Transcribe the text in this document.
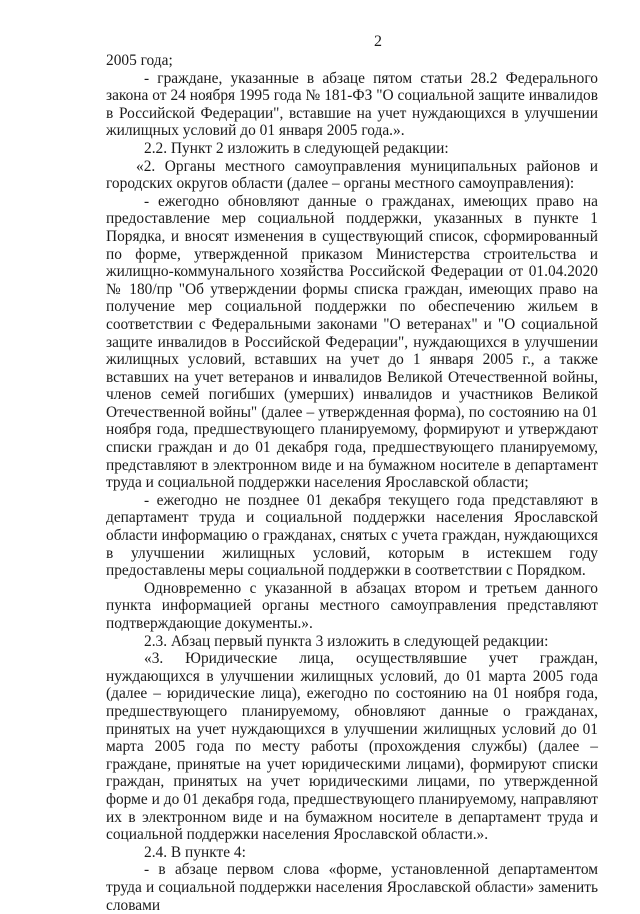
2

2005 года;

- граждане, указанные в абзаце пятом статьи 28.2 Федерального закона от 24 ноября 1995 года № 181-ФЗ "О социальной защите инвалидов в Российской Федерации", вставшие на учет нуждающихся в улучшении жилищных условий до 01 января 2005 года.».

2.2. Пункт 2 изложить в следующей редакции:

«2. Органы местного самоуправления муниципальных районов и городских округов области (далее – органы местного самоуправления):

- ежегодно обновляют данные о гражданах, имеющих право на предоставление мер социальной поддержки, указанных в пункте 1 Порядка, и вносят изменения в существующий список, сформированный по форме, утвержденной приказом Министерства строительства и жилищно-коммунального хозяйства Российской Федерации от 01.04.2020 № 180/пр "Об утверждении формы списка граждан, имеющих право на получение мер социальной поддержки по обеспечению жильем в соответствии с Федеральными законами "О ветеранах" и "О социальной защите инвалидов в Российской Федерации", нуждающихся в улучшении жилищных условий, вставших на учет до 1 января 2005 г., а также вставших на учет ветеранов и инвалидов Великой Отечественной войны, членов семей погибших (умерших) инвалидов и участников Великой Отечественной войны" (далее – утвержденная форма), по состоянию на 01 ноября года, предшествующего планируемому, формируют и утверждают списки граждан и до 01 декабря года, предшествующего планируемому, представляют в электронном виде и на бумажном носителе в департамент труда и социальной поддержки населения Ярославской области;

- ежегодно не позднее 01 декабря текущего года представляют в департамент труда и социальной поддержки населения Ярославской области информацию о гражданах, снятых с учета граждан, нуждающихся в улучшении жилищных условий, которым в истекшем году предоставлены меры социальной поддержки в соответствии с Порядком.

Одновременно с указанной в абзацах втором и третьем данного пункта информацией органы местного самоуправления представляют подтверждающие документы.».

2.3. Абзац первый пункта 3 изложить в следующей редакции:

«3. Юридические лица, осуществлявшие учет граждан, нуждающихся в улучшении жилищных условий, до 01 марта 2005 года (далее – юридические лица), ежегодно по состоянию на 01 ноября года, предшествующего планируемому, обновляют данные о гражданах, принятых на учет нуждающихся в улучшении жилищных условий до 01 марта 2005 года по месту работы (прохождения службы) (далее – граждане, принятые на учет юридическими лицами), формируют списки граждан, принятых на учет юридическими лицами, по утвержденной форме и до 01 декабря года, предшествующего планируемому, направляют их в электронном виде и на бумажном носителе в департамент труда и социальной поддержки населения Ярославской области.».

2.4. В пункте 4:

- в абзаце первом слова «форме, установленной департаментом труда и социальной поддержки населения Ярославской области» заменить словами
